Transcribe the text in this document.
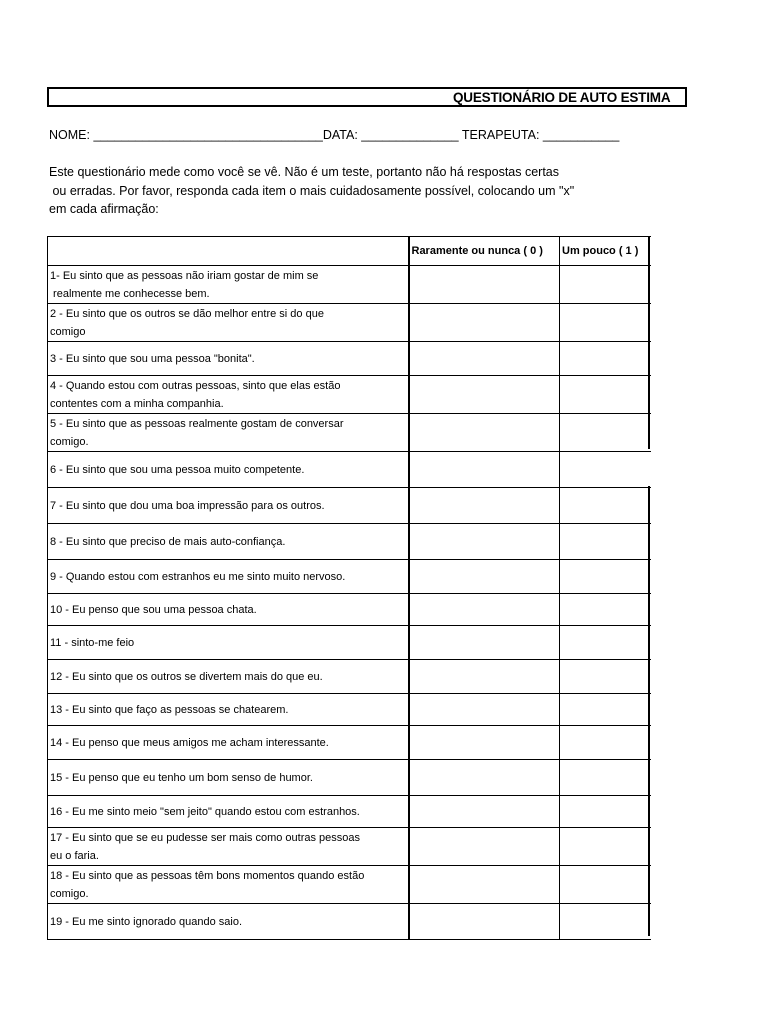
QUESTIONÁRIO DE AUTO ESTIMA
NOME: _________________________________DATA: ______________ TERAPEUTA: ___________
Este questionário mede como você se vê. Não é um teste, portanto não há respostas certas
ou erradas. Por favor, responda cada item o mais cuidadosamente possível, colocando um "x"
em cada afirmação:
	Raramente ou nunca ( 0 )	Um pouco ( 1 )

1- Eu sinto que as pessoas não iriam gostar de mim se
realmente me conhecesse bem.		

2 - Eu sinto que os outros se dão melhor entre si do que
comigo		

3 - Eu sinto que sou uma pessoa "bonita".		

4 - Quando estou com outras pessoas, sinto que elas estão
contentes com a minha companhia.		

5 - Eu sinto que as pessoas realmente gostam de conversar
comigo.		

6 - Eu sinto que sou uma pessoa muito competente.		

7 - Eu sinto que dou uma boa impressão para os outros.		

8 - Eu sinto que preciso de mais auto-confiança.		

9 - Quando estou com estranhos eu me sinto muito nervoso.		

10 - Eu penso que sou uma pessoa chata.		

11 - sinto-me feio		

12 - Eu sinto que os outros se divertem mais do que eu.		

13 - Eu sinto que faço as pessoas se chatearem.		

14 - Eu penso que meus amigos me acham interessante.		

15 - Eu penso que eu tenho um bom senso de humor.		

16 - Eu me sinto meio "sem jeito" quando estou com estranhos.		

17 - Eu sinto que se eu pudesse ser mais como outras pessoas
eu o faria.		

18 - Eu sinto que as pessoas têm bons momentos quando estão
comigo.		

19 - Eu me sinto ignorado quando saio.		
